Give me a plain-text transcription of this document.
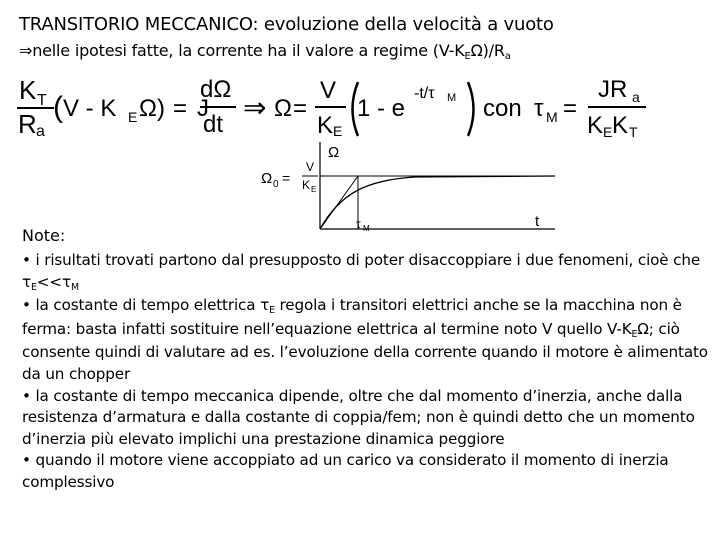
TRANSITORIO MECCANICO: evoluzione della velocità a vuoto
⇒nelle ipotesi fatte, la corrente ha il valore a regime $(V-K_E\Omega)/R_a$
K T
R a
( V - K E Ω) = J
dΩ
dt
⇒ Ω =
V
K E
1 - e
-t/τ M con τ M =
JR a
K E K T
Ω
Ω 0 =
V
K E
τ M	t
Note:

• i risultati trovati partono dal presupposto di poter disaccoppiare i due fenomeni, cioè che $\tau_E<<\tau_M$

• la costante di tempo elettrica $\tau_E$ regola i transitori elettrici anche se la macchina non è ferma: basta infatti sostituire nell’equazione elettrica al termine noto V quello $V-K_E\Omega$; ciò consente quindi di valutare ad es. l’evoluzione della corrente quando il motore è alimentato da un chopper

• la costante di tempo meccanica dipende, oltre che dal momento d’inerzia, anche dalla resistenza d’armatura e dalla costante di coppia/fem; non è quindi detto che un momento d’inerzia più elevato implichi una prestazione dinamica peggiore

• quando il motore viene accoppiato ad un carico va considerato il momento di inerzia complessivo
